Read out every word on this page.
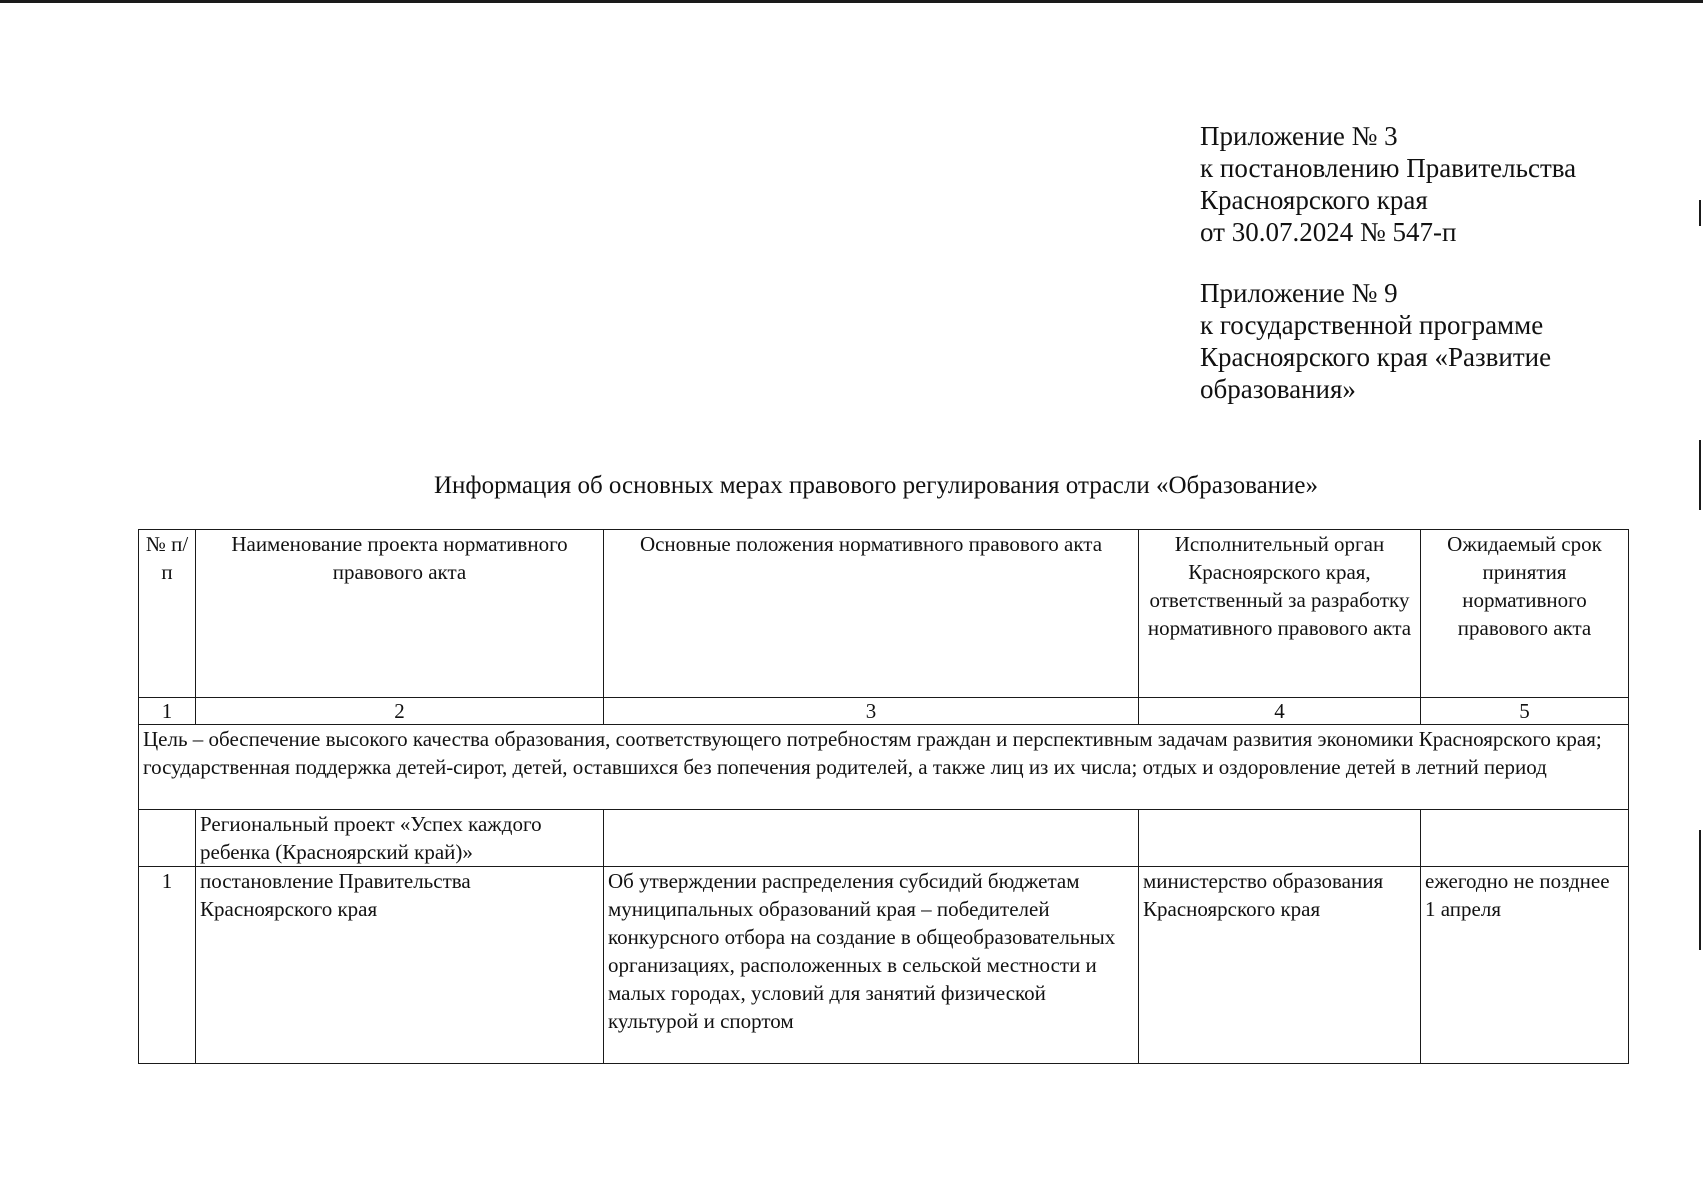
Приложение № 3
к постановлению Правительства
Красноярского края
от 30.07.2024 № 547-п
Приложение № 9
к государственной программе
Красноярского края «Развитие
образования»
Информация об основных мерах правового регулирования отрасли «Образование»
№ п/п	Наименование проекта нормативного правового акта	Основные положения нормативного правового акта	Исполнительный орган Красноярского края, ответственный за разработку нормативного правового акта	Ожидаемый срок принятия нормативного правового акта
1	2	3	4	5
Цель – обеспечение высокого качества образования, соответствующего потребностям граждан и перспективным задачам развития экономики Красноярского края; государственная поддержка детей-сирот, детей, оставшихся без попечения родителей, а также лиц из их числа; отдых и оздоровление детей в летний период				
	Региональный проект «Успех каждого ребенка (Красноярский край)»			
1	постановление Правительства Красноярского края	Об утверждении распределения субсидий бюджетам муниципальных образований края – победителей конкурсного отбора на создание в общеобразовательных организациях, расположенных в сельской местности и малых городах, условий для занятий физической культурой и спортом	министерство образования Красноярского края	ежегодно не позднее 1 апреля
